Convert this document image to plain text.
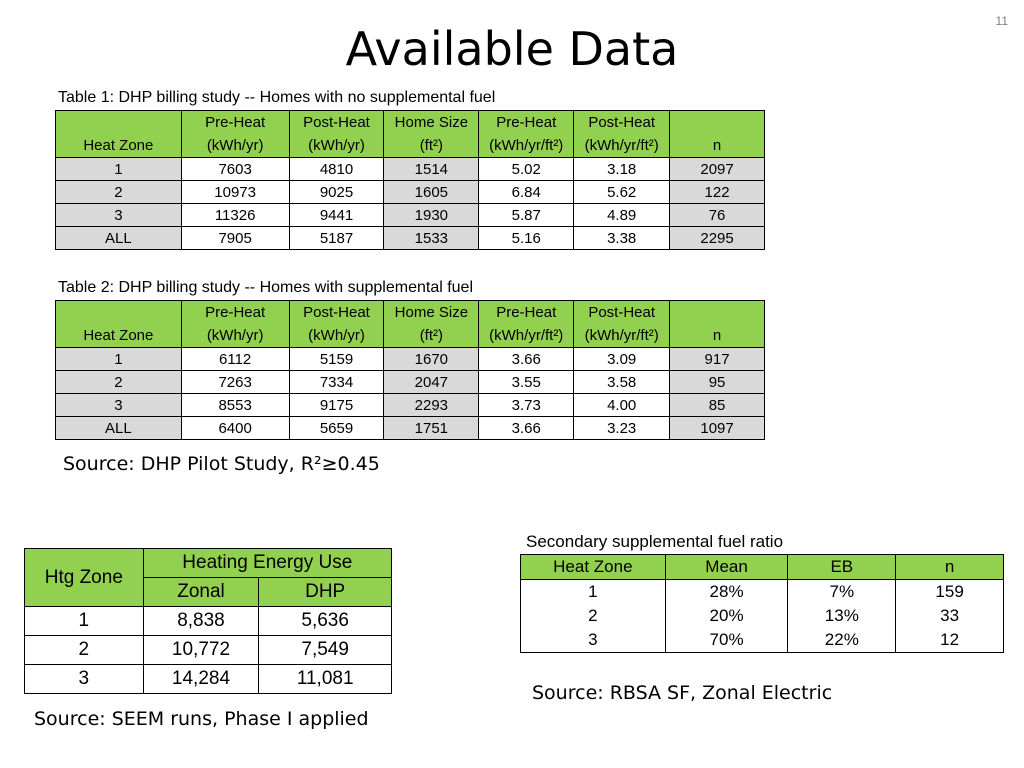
11
Available Data
Table 1: DHP billing study -- Homes with no supplemental fuel
	Pre-Heat	Post-Heat	Home Size	Pre-Heat	Post-Heat	
Heat Zone	(kWh/yr)	(kWh/yr)	(ft²)	(kWh/yr/ft²)	(kWh/yr/ft²)	n
1	7603	4810	1514	5.02	3.18	2097
2	10973	9025	1605	6.84	5.62	122
3	11326	9441	1930	5.87	4.89	76
ALL	7905	5187	1533	5.16	3.38	2295
Table 2: DHP billing study -- Homes with supplemental fuel
	Pre-Heat	Post-Heat	Home Size	Pre-Heat	Post-Heat	
Heat Zone	(kWh/yr)	(kWh/yr)	(ft²)	(kWh/yr/ft²)	(kWh/yr/ft²)	n
1	6112	5159	1670	3.66	3.09	917
2	7263	7334	2047	3.55	3.58	95
3	8553	9175	2293	3.73	4.00	85
ALL	6400	5659	1751	3.66	3.23	1097
Source: DHP Pilot Study, R²≥0.45
Htg Zone	Heating Energy Use	
	Zonal	DHP
1	8,838	5,636
2	10,772	7,549
3	14,284	11,081
Source: SEEM runs, Phase I applied
Secondary supplemental fuel ratio
Heat Zone	Mean	EB	n
1	28%	7%	159
2	20%	13%	33
3	70%	22%	12
Source: RBSA SF, Zonal Electric
